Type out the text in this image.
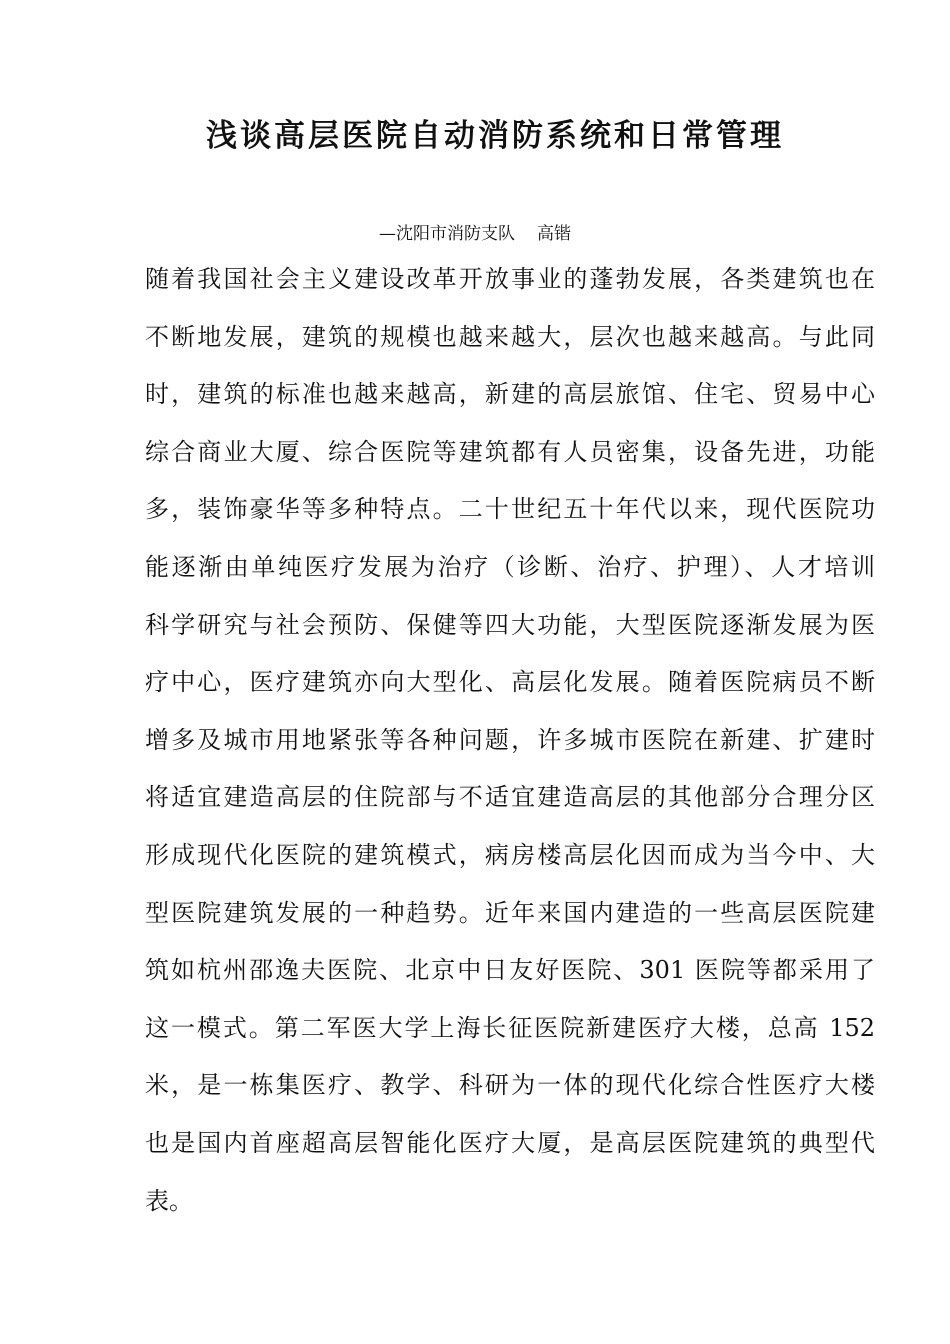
浅谈高层医院自动消防系统和日常管理
—沈阳市消防支队 高锴
随着我国社会主义建设改革开放事业的蓬勃发展，各类建筑也在
不断地发展，建筑的规模也越来越大，层次也越来越高。与此同
时，建筑的标准也越来越高，新建的高层旅馆、住宅、贸易中心
综合商业大厦、综合医院等建筑都有人员密集，设备先进，功能
多，装饰豪华等多种特点。二十世纪五十年代以来，现代医院功
能逐渐由单纯医疗发展为治疗（诊断、治疗、护理）、人才培训
科学研究与社会预防、保健等四大功能，大型医院逐渐发展为医
疗中心，医疗建筑亦向大型化、高层化发展。随着医院病员不断
增多及城市用地紧张等各种问题，许多城市医院在新建、扩建时
将适宜建造高层的住院部与不适宜建造高层的其他部分合理分区
形成现代化医院的建筑模式，病房楼高层化因而成为当今中、大
型医院建筑发展的一种趋势。近年来国内建造的一些高层医院建
筑如杭州邵逸夫医院、北京中日友好医院、301 医院等都采用了
这一模式。第二军医大学上海长征医院新建医疗大楼，总高 152
米，是一栋集医疗、教学、科研为一体的现代化综合性医疗大楼
也是国内首座超高层智能化医疗大厦，是高层医院建筑的典型代
表。
